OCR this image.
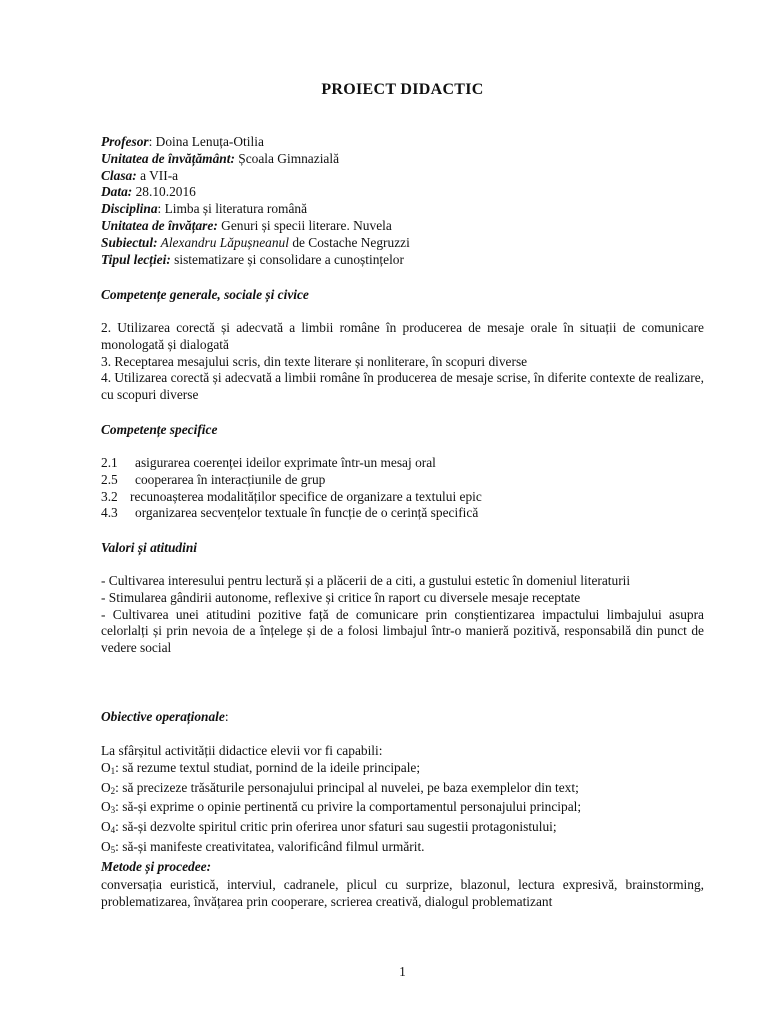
PROIECT DIDACTIC
Profesor: Doina Lenuța-Otilia
Unitatea de învățământ: Școala Gimnazială
Clasa: a VII-a
Data: 28.10.2016
Disciplina: Limba și literatura română
Unitatea de învățare: Genuri și specii literare. Nuvela
Subiectul: Alexandru Lăpușneanul de Costache Negruzzi
Tipul lecției: sistematizare și consolidare a cunoștințelor
Competențe generale, sociale și civice

2. Utilizarea corectă și adecvată a limbii române în producerea de mesaje orale în situații de comunicare monologată și dialogată

3. Receptarea mesajului scris, din texte literare și nonliterare, în scopuri diverse

4. Utilizarea corectă și adecvată a limbii române în producerea de mesaje scrise, în diferite contexte de realizare, cu scopuri diverse

Competențe specifice
2.1 asigurarea coerenței ideilor exprimate într-un mesaj oral
2.5 cooperarea în interacțiunile de grup
3.2 recunoașterea modalităților specifice de organizare a textului epic
4.3 organizarea secvențelor textuale în funcție de o cerință specifică
Valori și atitudini

- Cultivarea interesului pentru lectură și a plăcerii de a citi, a gustului estetic în domeniul literaturii

- Stimularea gândirii autonome, reflexive și critice în raport cu diversele mesaje receptate

- Cultivarea unei atitudini pozitive față de comunicare prin conștientizarea impactului limbajului asupra celorlalți și prin nevoia de a înțelege și de a folosi limbajul într-o manieră pozitivă, responsabilă din punct de vedere social

Obiective operaționale:
La sfârșitul activității didactice elevii vor fi capabili:
$O_1$: să rezume textul studiat, pornind de la ideile principale;
$O_2$: să precizeze trăsăturile personajului principal al nuvelei, pe baza exemplelor din text;
$O_3$: să-și exprime o opinie pertinentă cu privire la comportamentul personajului principal;
$O_4$: să-și dezvolte spiritul critic prin oferirea unor sfaturi sau sugestii protagonistului;
$O_5$: să-și manifeste creativitatea, valorificând filmul urmărit.
Metode și procedee:

conversația euristică, interviul, cadranele, plicul cu surprize, blazonul, lectura expresivă, brainstorming, problematizarea, învățarea prin cooperare, scrierea creativă, dialogul problematizant

1
